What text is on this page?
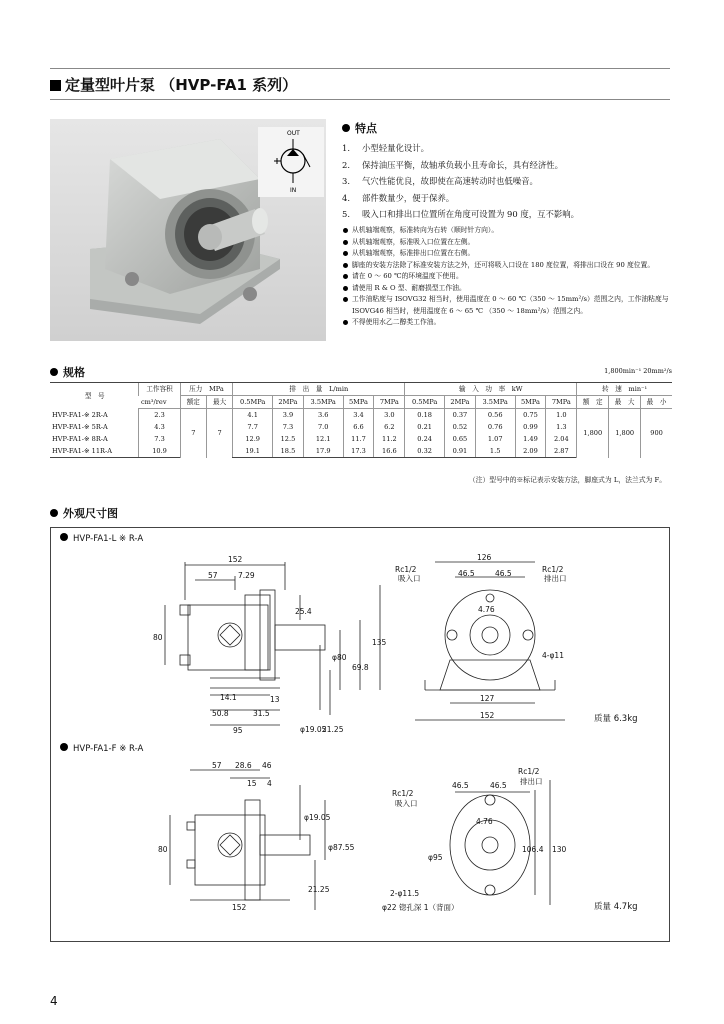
定量型叶片泵 （HVP-FA1 系列）
OUT
IN
特点
1. 小型轻量化设计。
2. 保持油压平衡，故轴承负载小且寿命长，具有经济性。
3. 气穴性能优良，故即使在高速转动时也低噪音。
4. 部件数量少，便于保养。
5. 吸入口和排出口位置所在角度可设置为 90 度，互不影响。
从机轴端观察，标准转向为右转（顺时针方向）。
从机轴端观察，标准吸入口位置在左侧。
从机轴端观察，标准排出口位置在右侧。
脚座的安装方法除了标准安装方法之外，还可将吸入口设在 180 度位置，将排出口设在 90 度位置。
请在 0 ～ 60 ℃的环境温度下使用。
请使用 R & O 型、耐磨损型工作油。
工作油粘度与 ISOVG32 相当时，使用温度在 0 ～ 60 ℃（350 ～ 15mm²/s）范围之内，工作油粘度与 ISOVG46 相当时，使用温度在 6 ～ 65 ℃ （350 ～ 18mm²/s）范围之内。
不得使用水乙二醇类工作油。
规格	1,800min⁻¹ 20mm²/s
型　号	工作容积	压力　MPa		排　出　量　L/min					输　入　功　率　kW					转　速　min⁻¹		
	cm³/rev	额定	最大	0.5MPa	2MPa	3.5MPa	5MPa	7MPa	0.5MPa	2MPa	3.5MPa	5MPa	7MPa	额　定	最　大	最　小
HVP-FA1-※ 2R-A	2.3	7	7	4.1	3.9	3.6	3.4	3.0	0.18	0.37	0.56	0.75	1.0	1,800	1,800	900
HVP-FA1-※ 5R-A	4.3			7.7	7.3	7.0	6.6	6.2	0.21	0.52	0.76	0.99	1.3			
HVP-FA1-※ 8R-A	7.3			12.9	12.5	12.1	11.7	11.2	0.24	0.65	1.07	1.49	2.04			
HVP-FA1-※ 11R-A	10.9			19.1	18.5	17.9	17.3	16.6	0.32	0.91	1.5	2.09	2.87			
（注）型号中的※标记表示安装方法，脚座式为 L，法兰式为 F。
外观尺寸图
HVP-FA1-L ※ R-A
HVP-FA1-F ※ R-A
152
57	7.29
25.4
80
135
φ80
69.8
14.1
50.8	31.5
95
13
φ19.05
21.25
Rc1/2
吸入口
Rc1/2
排出口
126
46.5	46.5
4.76
4-φ11
127
152	质量 6.3kg
57 28.6 46
15 4
φ19.05
φ87.55
80
21.25
152
Rc1/2
吸入口
Rc1/2
排出口
46.5	46.5
4.76
106.4 130
φ95
2-φ11.5
φ22 锪孔深 1（背面）	质量 4.7kg
4
